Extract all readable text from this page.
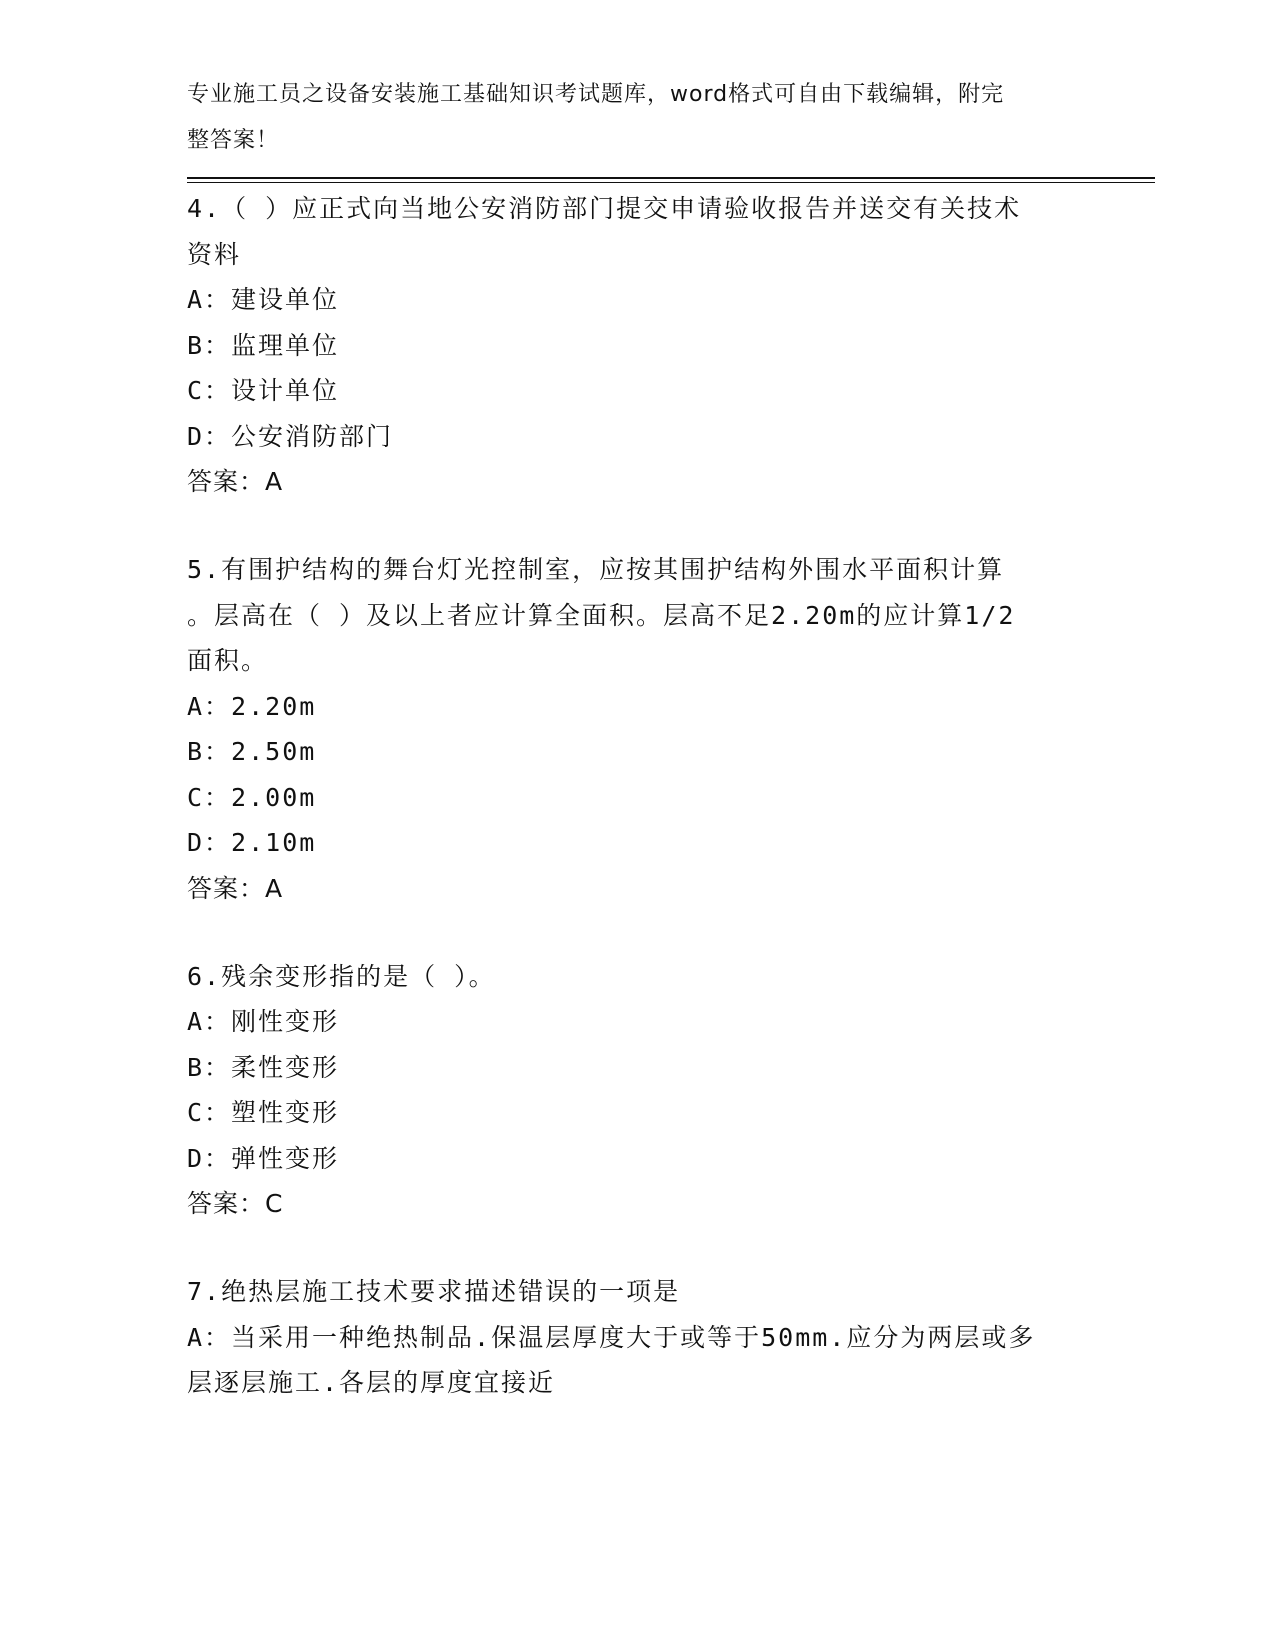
专业施工员之设备安装施工基础知识考试题库，word格式可自由下载编辑，附完
整答案！
4.（ ）应正式向当地公安消防部门提交申请验收报告并送交有关技术
资料
A：建设单位
B：监理单位
C：设计单位
D：公安消防部门
答案：A
5.有围护结构的舞台灯光控制室，应按其围护结构外围水平面积计算
。层高在（ ）及以上者应计算全面积。层高不足2.20m的应计算1/2
面积。
A：2.20m
B：2.50m
C：2.00m
D：2.10m
答案：A
6.残余变形指的是（ ）。
A：刚性变形
B：柔性变形
C：塑性变形
D：弹性变形
答案：C
7.绝热层施工技术要求描述错误的一项是
A：当采用一种绝热制品.保温层厚度大于或等于50mm.应分为两层或多
层逐层施工.各层的厚度宜接近
